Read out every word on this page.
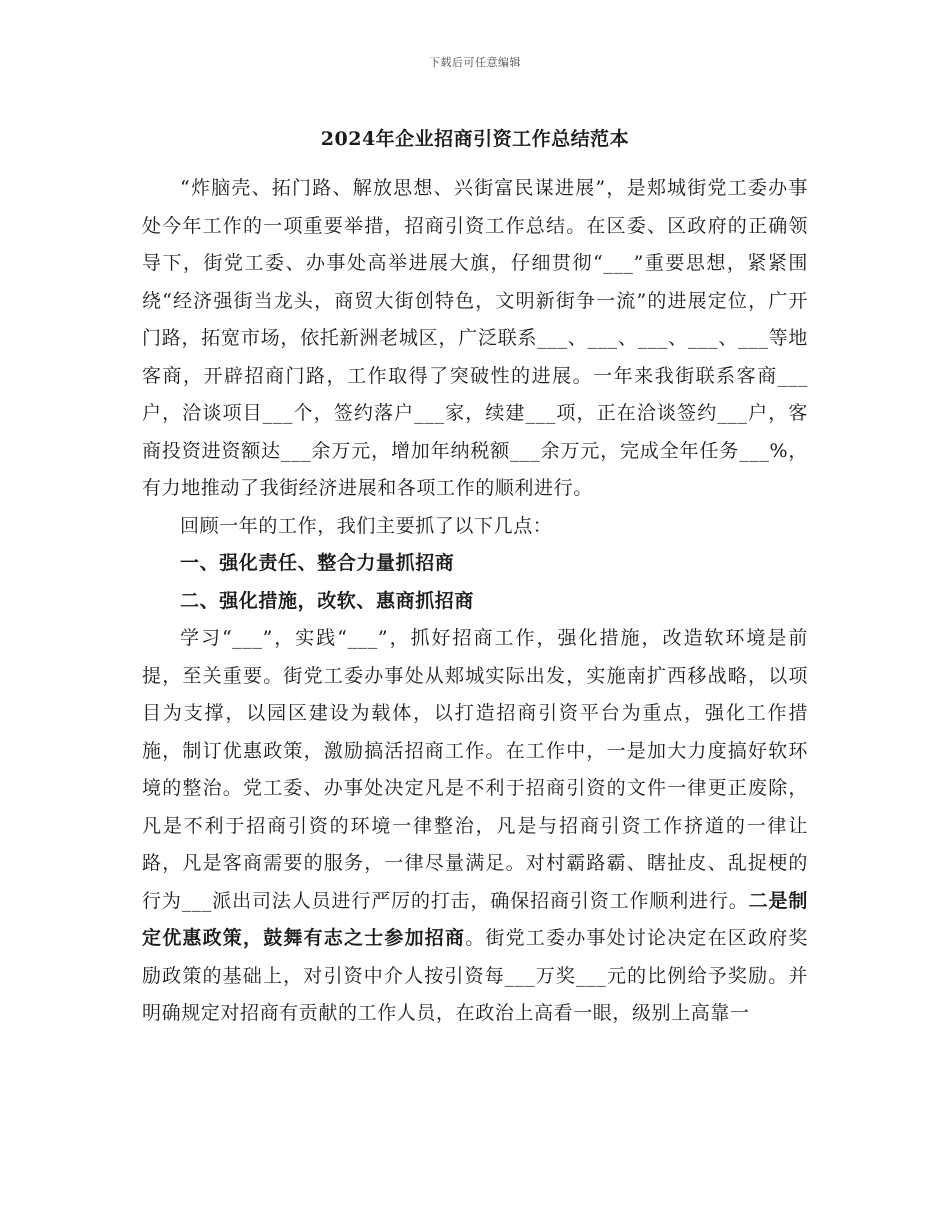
下载后可任意编辑
2024年企业招商引资工作总结范本

“炸脑壳、拓门路、解放思想、兴街富民谋进展”，是郏城街党工委办事处今年工作的一项重要举措，招商引资工作总结。在区委、区政府的正确领导下，街党工委、办事处高举进展大旗，仔细贯彻“___”重要思想，紧紧围绕“经济强街当龙头，商贸大街创特色，文明新街争一流”的进展定位，广开门路，拓宽市场，依托新洲老城区，广泛联系___、___、___、___、___等地客商，开辟招商门路，工作取得了突破性的进展。一年来我街联系客商___户，洽谈项目___个，签约落户___家，续建___项，正在洽谈签约___户，客商投资进资额达___余万元，增加年纳税额___余万元，完成全年任务___%，有力地推动了我街经济进展和各项工作的顺利进行。

回顾一年的工作，我们主要抓了以下几点：

一、强化责任、整合力量抓招商

二、强化措施，改软、惠商抓招商

学习“___”，实践“___”，抓好招商工作，强化措施，改造软环境是前提，至关重要。街党工委办事处从郏城实际出发，实施南扩西移战略，以项目为支撑，以园区建设为载体，以打造招商引资平台为重点，强化工作措施，制订优惠政策，激励搞活招商工作。在工作中，一是加大力度搞好软环境的整治。党工委、办事处决定凡是不利于招商引资的文件一律更正废除，凡是不利于招商引资的环境一律整治，凡是与招商引资工作挤道的一律让路，凡是客商需要的服务，一律尽量满足。对村霸路霸、瞎扯皮、乱捉梗的行为___派出司法人员进行严厉的打击，确保招商引资工作顺利进行。二是制定优惠政策，鼓舞有志之士参加招商。街党工委办事处讨论决定在区政府奖励政策的基础上，对引资中介人按引资每___万奖___元的比例给予奖励。并明确规定对招商有贡献的工作人员，在政治上高看一眼，级别上高靠一
